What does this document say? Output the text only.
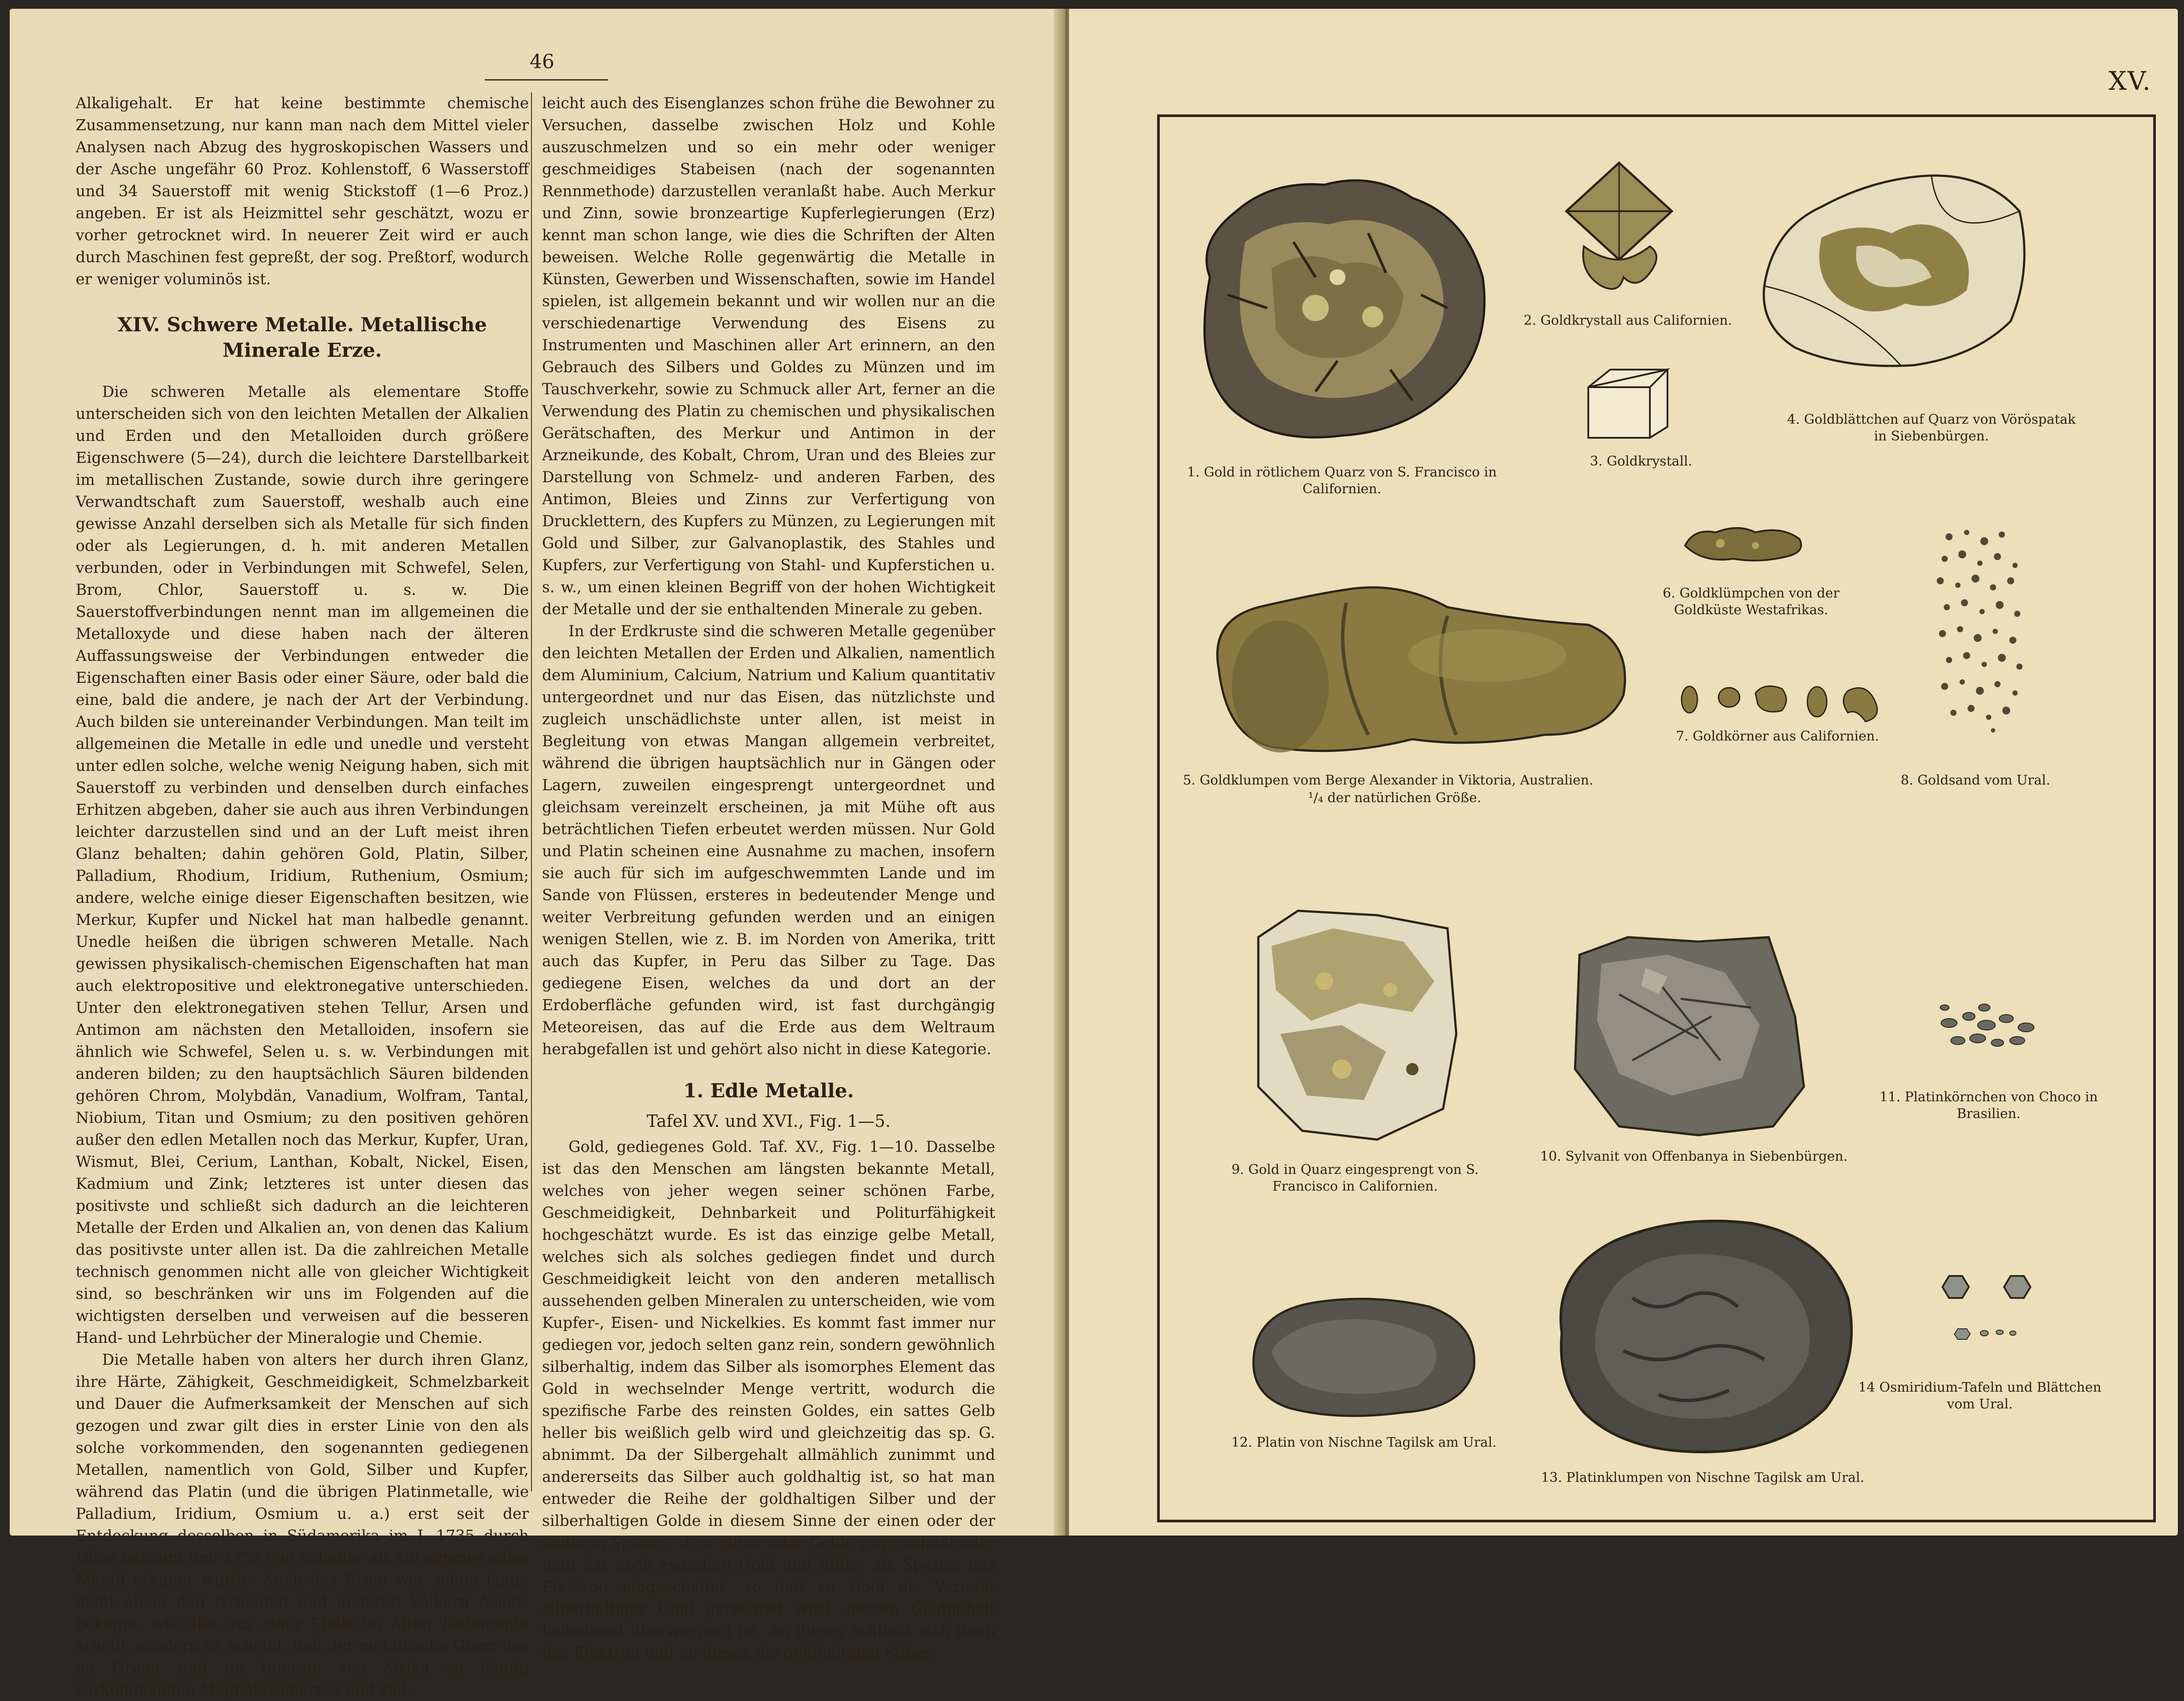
46

Alkaligehalt. Er hat keine bestimmte chemische Zusammensetzung, nur kann man nach dem Mittel vieler Analysen nach Abzug des hygroskopischen Wassers und der Asche ungefähr 60 Proz. Kohlenstoff, 6 Wasserstoff und 34 Sauerstoff mit wenig Stickstoff (1—6 Proz.) angeben. Er ist als Heizmittel sehr geschätzt, wozu er vorher getrocknet wird. In neuerer Zeit wird er auch durch Maschinen fest gepreßt, der sog. Preßtorf, wodurch er weniger voluminös ist.

XIV. Schwere Metalle. Metallische Minerale Erze.

Die schweren Metalle als elementare Stoffe unterscheiden sich von den leichten Metallen der Alkalien und Erden und den Metalloiden durch größere Eigenschwere (5—24), durch die leichtere Darstellbarkeit im metallischen Zustande, sowie durch ihre geringere Verwandtschaft zum Sauerstoff, weshalb auch eine gewisse Anzahl derselben sich als Metalle für sich finden oder als Legierungen, d. h. mit anderen Metallen verbunden, oder in Verbindungen mit Schwefel, Selen, Brom, Chlor, Sauerstoff u. s. w. Die Sauerstoffverbindungen nennt man im allgemeinen die Metalloxyde und diese haben nach der älteren Auffassungsweise der Verbindungen entweder die Eigenschaften einer Basis oder einer Säure, oder bald die eine, bald die andere, je nach der Art der Verbindung. Auch bilden sie untereinander Verbindungen. Man teilt im allgemeinen die Metalle in edle und unedle und versteht unter edlen solche, welche wenig Neigung haben, sich mit Sauerstoff zu verbinden und denselben durch einfaches Erhitzen abgeben, daher sie auch aus ihren Verbindungen leichter darzustellen sind und an der Luft meist ihren Glanz behalten; dahin gehören Gold, Platin, Silber, Palladium, Rhodium, Iridium, Ruthenium, Osmium; andere, welche einige dieser Eigenschaften besitzen, wie Merkur, Kupfer und Nickel hat man halbedle genannt. Unedle heißen die übrigen schweren Metalle. Nach gewissen physikalisch-chemischen Eigenschaften hat man auch elektropositive und elektronegative unterschieden. Unter den elektronegativen stehen Tellur, Arsen und Antimon am nächsten den Metalloiden, insofern sie ähnlich wie Schwefel, Selen u. s. w. Verbindungen mit anderen bilden; zu den hauptsächlich Säuren bildenden gehören Chrom, Molybdän, Vanadium, Wolfram, Tantal, Niobium, Titan und Osmium; zu den positiven gehören außer den edlen Metallen noch das Merkur, Kupfer, Uran, Wismut, Blei, Cerium, Lanthan, Kobalt, Nickel, Eisen, Kadmium und Zink; letzteres ist unter diesen das positivste und schließt sich dadurch an die leichteren Metalle der Erden und Alkalien an, von denen das Kalium das positivste unter allen ist. Da die zahlreichen Metalle technisch genommen nicht alle von gleicher Wichtigkeit sind, so beschränken wir uns im Folgenden auf die wichtigsten derselben und verweisen auf die besseren Hand- und Lehrbücher der Mineralogie und Chemie.

Die Metalle haben von alters her durch ihren Glanz, ihre Härte, Zähigkeit, Geschmeidigkeit, Schmelzbarkeit und Dauer die Aufmerksamkeit der Menschen auf sich gezogen und zwar gilt dies in erster Linie von den als solche vorkommenden, den sogenannten gediegenen Metallen, namentlich von Gold, Silber und Kupfer, während das Platin (und die übrigen Platinmetalle, wie Palladium, Iridium, Osmium u. a.) erst seit der Entdeckung desselben in Südamerika im J. 1735 durch Ulloa bekannt und 1752 von Scheffer als ein eigenes edles Metall erkannt wurde. Auch das Eisen war schon lange nicht allein den Israeliten und anderen Völkern Asiens bekannt, wie dies aus einer Stelle im Alten Testamente erhellt, sondern es scheint, daß der metallische Glanz des im Orient und im Inneren von Afrika so häufig vorkommenden Magneteisenerzes und viel-

leicht auch des Eisenglanzes schon frühe die Bewohner zu Versuchen, dasselbe zwischen Holz und Kohle auszuschmelzen und so ein mehr oder weniger geschmeidiges Stabeisen (nach der sogenannten Rennmethode) darzustellen veranlaßt habe. Auch Merkur und Zinn, sowie bronzeartige Kupferlegierungen (Erz) kennt man schon lange, wie dies die Schriften der Alten beweisen. Welche Rolle gegenwärtig die Metalle in Künsten, Gewerben und Wissenschaften, sowie im Handel spielen, ist allgemein bekannt und wir wollen nur an die verschiedenartige Verwendung des Eisens zu Instrumenten und Maschinen aller Art erinnern, an den Gebrauch des Silbers und Goldes zu Münzen und im Tauschverkehr, sowie zu Schmuck aller Art, ferner an die Verwendung des Platin zu chemischen und physikalischen Gerätschaften, des Merkur und Antimon in der Arzneikunde, des Kobalt, Chrom, Uran und des Bleies zur Darstellung von Schmelz- und anderen Farben, des Antimon, Bleies und Zinns zur Verfertigung von Drucklettern, des Kupfers zu Münzen, zu Legierungen mit Gold und Silber, zur Galvanoplastik, des Stahles und Kupfers, zur Verfertigung von Stahl- und Kupferstichen u. s. w., um einen kleinen Begriff von der hohen Wichtigkeit der Metalle und der sie enthaltenden Minerale zu geben.

In der Erdkruste sind die schweren Metalle gegenüber den leichten Metallen der Erden und Alkalien, namentlich dem Aluminium, Calcium, Natrium und Kalium quantitativ untergeordnet und nur das Eisen, das nützlichste und zugleich unschädlichste unter allen, ist meist in Begleitung von etwas Mangan allgemein verbreitet, während die übrigen hauptsächlich nur in Gängen oder Lagern, zuweilen eingesprengt untergeordnet und gleichsam vereinzelt erscheinen, ja mit Mühe oft aus beträchtlichen Tiefen erbeutet werden müssen. Nur Gold und Platin scheinen eine Ausnahme zu machen, insofern sie auch für sich im aufgeschwemmten Lande und im Sande von Flüssen, ersteres in bedeutender Menge und weiter Verbreitung gefunden werden und an einigen wenigen Stellen, wie z. B. im Norden von Amerika, tritt auch das Kupfer, in Peru das Silber zu Tage. Das gediegene Eisen, welches da und dort an der Erdoberfläche gefunden wird, ist fast durchgängig Meteoreisen, das auf die Erde aus dem Weltraum herabgefallen ist und gehört also nicht in diese Kategorie.

1. Edle Metalle.
Tafel XV. und XVI., Fig. 1—5.

Gold, gediegenes Gold. Taf. XV., Fig. 1—10. Dasselbe ist das den Menschen am längsten bekannte Metall, welches von jeher wegen seiner schönen Farbe, Geschmeidigkeit, Dehnbarkeit und Politurfähigkeit hochgeschätzt wurde. Es ist das einzige gelbe Metall, welches sich als solches gediegen findet und durch Geschmeidigkeit leicht von den anderen metallisch aussehenden gelben Mineralen zu unterscheiden, wie vom Kupfer-, Eisen- und Nickelkies. Es kommt fast immer nur gediegen vor, jedoch selten ganz rein, sondern gewöhnlich silberhaltig, indem das Silber als isomorphes Element das Gold in wechselnder Menge vertritt, wodurch die spezifische Farbe des reinsten Goldes, ein sattes Gelb heller bis weißlich gelb wird und gleichzeitig das sp. G. abnimmt. Da der Silbergehalt allmählich zunimmt und andererseits das Silber auch goldhaltig ist, so hat man entweder die Reihe der goldhaltigen Silber und der silberhaltigen Golde in diesem Sinne der einen oder der anderen Spezies, dem Silber oder Golde zugerechnet oder man hat noch zwischen Gold und Silber als Spezies das Elektron eingeschaltet, so daß zu Gold als Varietät silberhaltiges Gold gerechnet wird, dessen Goldgehalt bedeutend überwiegend ist. An dieses schließt sich dann das Elektron und an dieses die goldhaltigen Silber,

XV.
1. Gold in rötlichem Quarz von S. Francisco in Californien.
2. Goldkrystall aus Californien.
3. Goldkrystall.
4. Goldblättchen auf Quarz von Vöröspatak in Siebenbürgen.
5. Goldklumpen vom Berge Alexander in Viktoria, Australien.
¹/₄ der natürlichen Größe.
6. Goldklümpchen von der Goldküste Westafrikas.
7. Goldkörner aus Californien.
8. Goldsand vom Ural.
9. Gold in Quarz eingesprengt von S. Francisco in Californien.
10. Sylvanit von Offenbanya in Siebenbürgen.
11. Platinkörnchen von Choco in Brasilien.
12. Platin von Nischne Tagilsk am Ural.
13. Platinklumpen von Nischne Tagilsk am Ural.
14 Osmiridium-Tafeln und Blättchen vom Ural.
